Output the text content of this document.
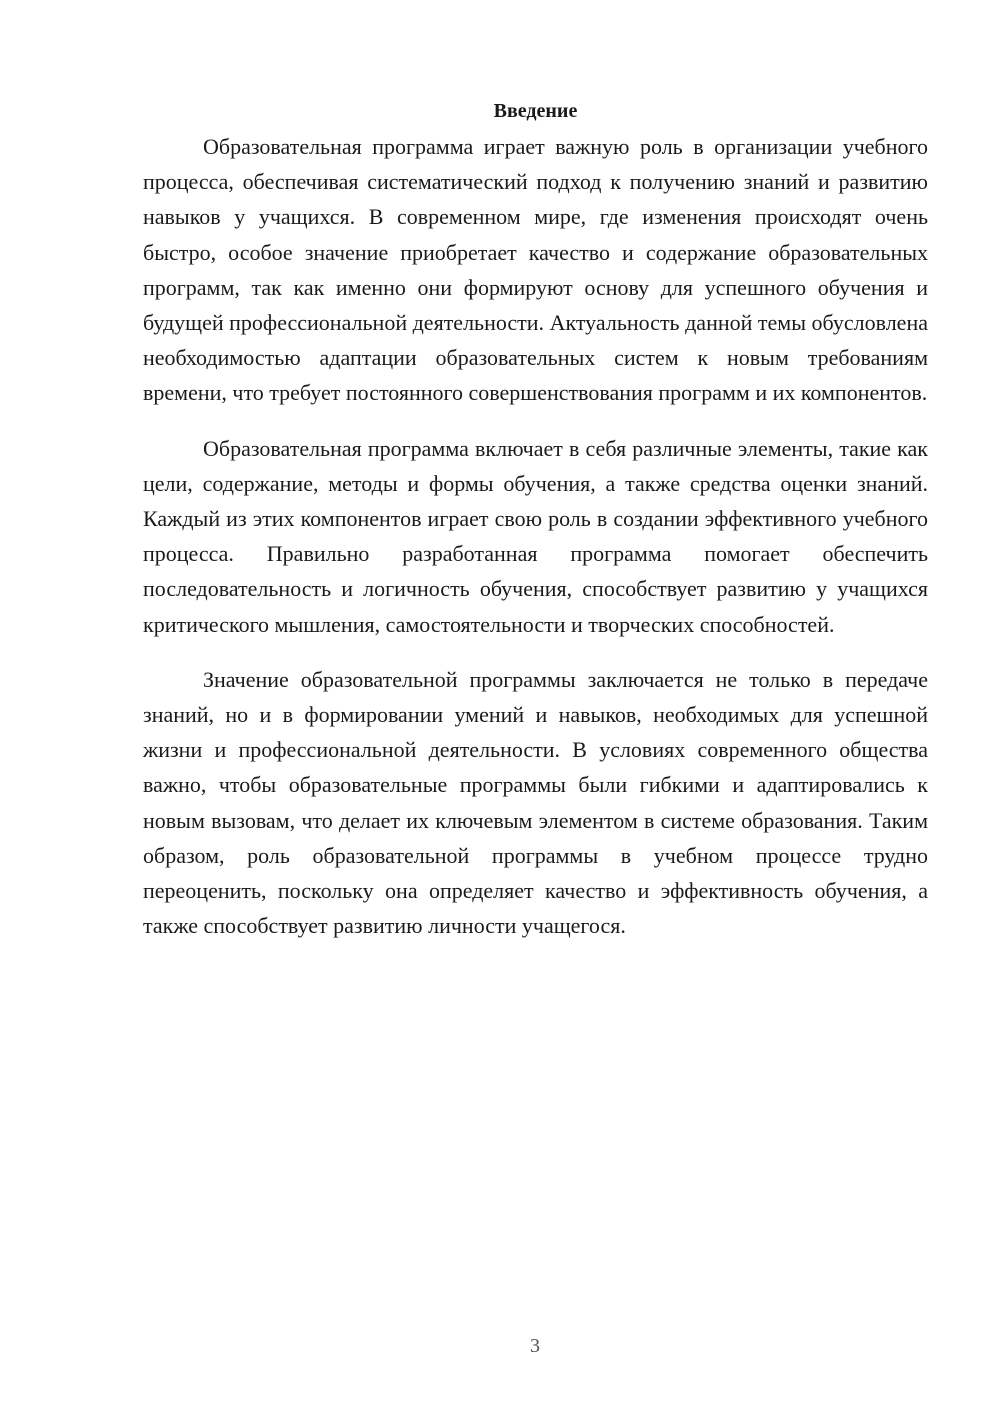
Введение

Образовательная программа играет важную роль в организации учебного процесса, обеспечивая систематический подход к получению знаний и развитию навыков у учащихся. В современном мире, где изменения происходят очень быстро, особое значение приобретает качество и содержание образовательных программ, так как именно они формируют основу для успешного обучения и будущей профессиональной деятельности. Актуальность данной темы обусловлена необходимостью адаптации образовательных систем к новым требованиям времени, что требует постоянного совершенствования программ и их компонентов.

Образовательная программа включает в себя различные элементы, такие как цели, содержание, методы и формы обучения, а также средства оценки знаний. Каждый из этих компонентов играет свою роль в создании эффективного учебного процесса. Правильно разработанная программа помогает обеспечить последовательность и логичность обучения, способствует развитию у учащихся критического мышления, самостоятельности и творческих способностей.

Значение образовательной программы заключается не только в передаче знаний, но и в формировании умений и навыков, необходимых для успешной жизни и профессиональной деятельности. В условиях современного общества важно, чтобы образовательные программы были гибкими и адаптировались к новым вызовам, что делает их ключевым элементом в системе образования. Таким образом, роль образовательной программы в учебном процессе трудно переоценить, поскольку она определяет качество и эффективность обучения, а также способствует развитию личности учащегося.

3
